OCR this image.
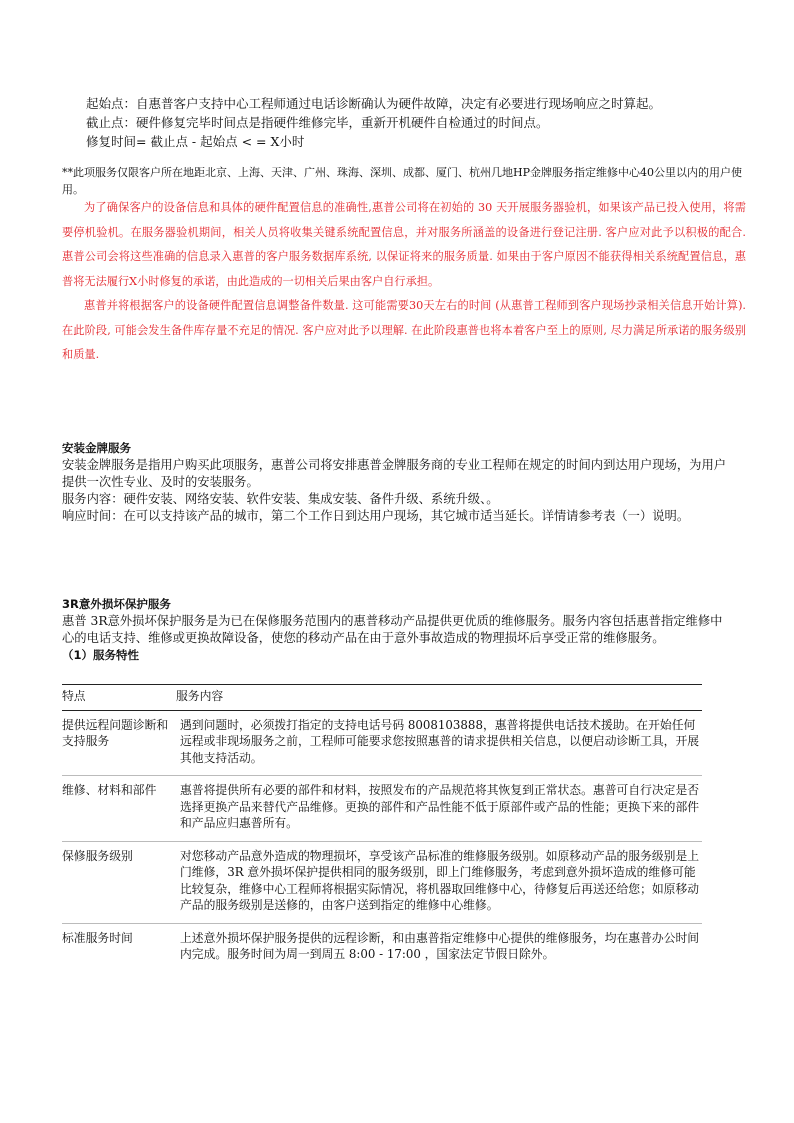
起始点：自惠普客户支持中心工程师通过电话诊断确认为硬件故障，决定有必要进行现场响应之时算起。
截止点：硬件修复完毕时间点是指硬件维修完毕，重新开机硬件自检通过的时间点。
修复时间= 截止点 - 起始点 < = X小时
**此项服务仅限客户所在地距北京、上海、天津、广州、珠海、深圳、成都、厦门、杭州几地HP金牌服务指定维修中心40公里以内的用户使用。

为了确保客户的设备信息和具体的硬件配置信息的准确性,惠普公司将在初始的 30 天开展服务器验机，如果该产品已投入使用，将需要停机验机。在服务器验机期间，相关人员将收集关键系统配置信息，并对服务所涵盖的设备进行登记注册. 客户应对此予以积极的配合. 惠普公司会将这些准确的信息录入惠普的客户服务数据库系统, 以保证将来的服务质量. 如果由于客户原因不能获得相关系统配置信息，惠普将无法履行X小时修复的承诺，由此造成的一切相关后果由客户自行承担。

惠普并将根据客户的设备硬件配置信息调整备件数量. 这可能需要30天左右的时间 (从惠普工程师到客户现场抄录相关信息开始计算). 在此阶段, 可能会发生备件库存量不充足的情况. 客户应对此予以理解. 在此阶段惠普也将本着客户至上的原则, 尽力满足所承诺的服务级别和质量.

安装金牌服务

安装金牌服务是指用户购买此项服务，惠普公司将安排惠普金牌服务商的专业工程师在规定的时间内到达用户现场，为用户提供一次性专业、及时的安装服务。

服务内容：硬件安装、网络安装、软件安装、集成安装、备件升级、系统升级、。

响应时间：在可以支持该产品的城市，第二个工作日到达用户现场，其它城市适当延长。详情请参考表（一）说明。

3R意外损坏保护服务

惠普 3R意外损坏保护服务是为已在保修服务范围内的惠普移动产品提供更优质的维修服务。服务内容包括惠普指定维修中心的电话支持、维修或更换故障设备，使您的移动产品在由于意外事故造成的物理损坏后享受正常的维修服务。

（1）服务特性

特点	服务内容
提供远程问题诊断和支持服务	遇到问题时，必须拨打指定的支持电话号码 8008103888，惠普将提供电话技术援助。在开始任何远程或非现场服务之前，工程师可能要求您按照惠普的请求提供相关信息，以便启动诊断工具，开展其他支持活动。
维修、材料和部件	惠普将提供所有必要的部件和材料，按照发布的产品规范将其恢复到正常状态。惠普可自行决定是否选择更换产品来替代产品维修。更换的部件和产品性能不低于原部件或产品的性能；更换下来的部件和产品应归惠普所有。
保修服务级别	对您移动产品意外造成的物理损坏，享受该产品标准的维修服务级别。如原移动产品的服务级别是上门维修，3R 意外损坏保护提供相同的服务级别，即上门维修服务，考虑到意外损坏造成的维修可能比较复杂，维修中心工程师将根据实际情况，将机器取回维修中心，待修复后再送还给您；如原移动产品的服务级别是送修的，由客户送到指定的维修中心维修。
标准服务时间	上述意外损坏保护服务提供的远程诊断，和由惠普指定维修中心提供的维修服务，均在惠普办公时间内完成。服务时间为周一到周五 8:00 - 17:00 ，国家法定节假日除外。
